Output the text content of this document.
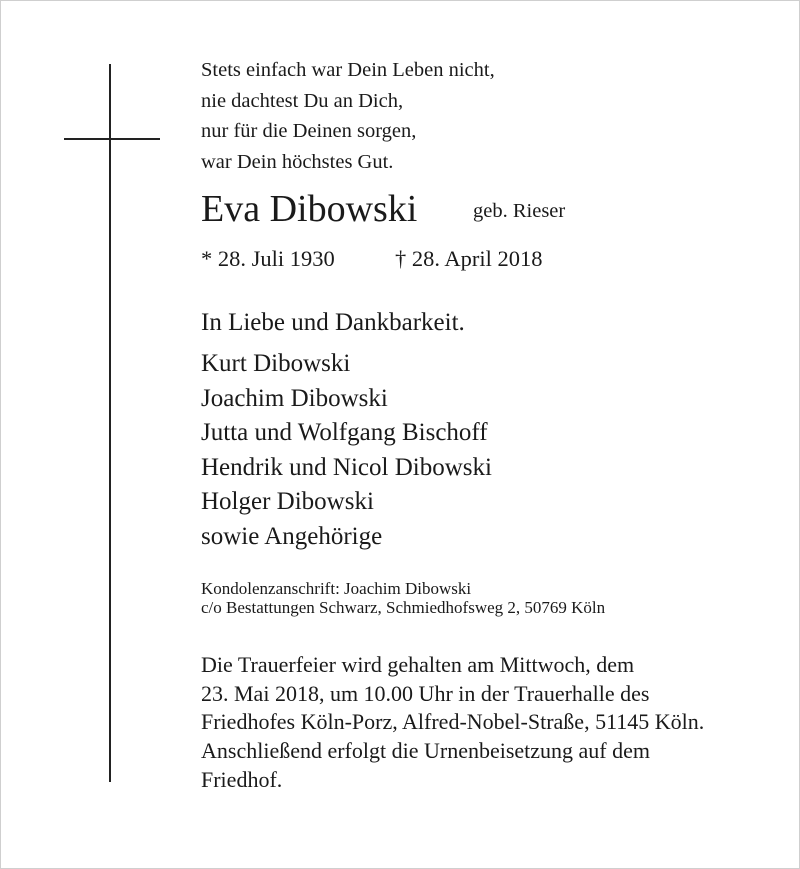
Stets einfach war Dein Leben nicht,
nie dachtest Du an Dich,
nur für die Deinen sorgen,
war Dein höchstes Gut.
Eva Dibowski	geb. Rieser
* 28. Juli 1930	† 28. April 2018
In Liebe und Dankbarkeit.
Kurt Dibowski
Joachim Dibowski
Jutta und Wolfgang Bischoff
Hendrik und Nicol Dibowski
Holger Dibowski
sowie Angehörige
Kondolenzanschrift: Joachim Dibowski
c/o Bestattungen Schwarz, Schmiedhofsweg 2, 50769 Köln
Die Trauerfeier wird gehalten am Mittwoch, dem
23. Mai 2018, um 10.00 Uhr in der Trauerhalle des
Friedhofes Köln-Porz, Alfred-Nobel-Straße, 51145 Köln.
Anschließend erfolgt die Urnenbeisetzung auf dem
Friedhof.
